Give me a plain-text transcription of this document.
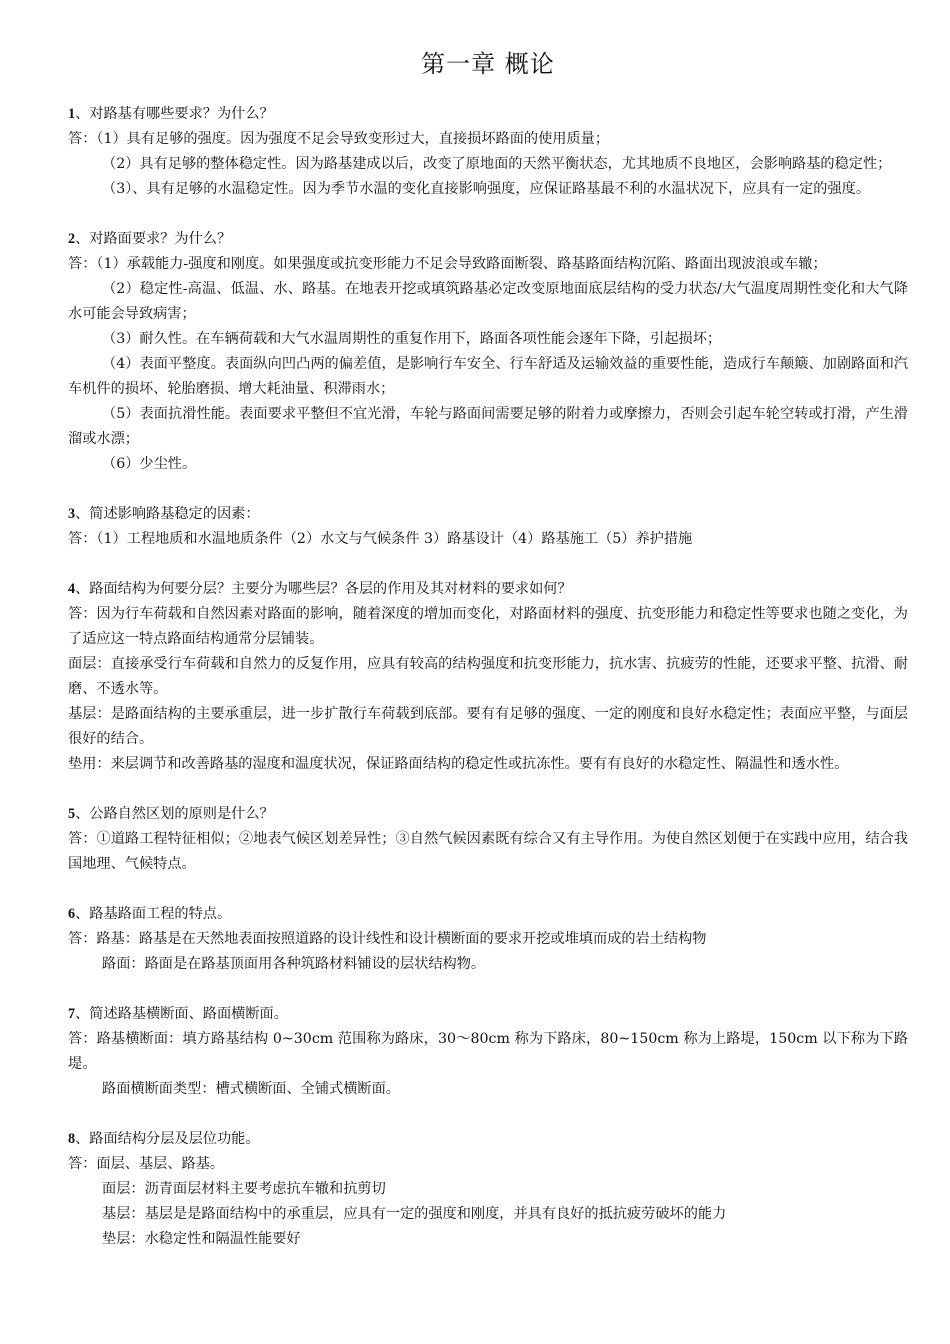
第一章 概论

1、对路基有哪些要求？为什么？

答：（1）具有足够的强度。因为强度不足会导致变形过大，直接损坏路面的使用质量；

（2）具有足够的整体稳定性。因为路基建成以后，改变了原地面的天然平衡状态，尤其地质不良地区，会影响路基的稳定性；

（3）、具有足够的水温稳定性。因为季节水温的变化直接影响强度，应保证路基最不利的水温状况下，应具有一定的强度。

2、对路面要求？为什么？

答：（1）承载能力-强度和刚度。如果强度或抗变形能力不足会导致路面断裂、路基路面结构沉陷、路面出现波浪或车辙；

（2）稳定性-高温、低温、水、路基。在地表开挖或填筑路基必定改变原地面底层结构的受力状态/大气温度周期性变化和大气降水可能会导致病害；

（3）耐久性。在车辆荷载和大气水温周期性的重复作用下，路面各项性能会逐年下降，引起损坏；

（4）表面平整度。表面纵向凹凸两的偏差值，是影响行车安全、行车舒适及运输效益的重要性能，造成行车颠簸、加剧路面和汽车机件的损坏、轮胎磨损、增大耗油量、积滞雨水；

（5）表面抗滑性能。表面要求平整但不宜光滑，车轮与路面间需要足够的附着力或摩擦力，否则会引起车轮空转或打滑，产生滑溜或水漂；

（6）少尘性。

3、简述影响路基稳定的因素：

答：（1）工程地质和水温地质条件（2）水文与气候条件 3）路基设计（4）路基施工（5）养护措施

4、路面结构为何要分层？主要分为哪些层？各层的作用及其对材料的要求如何？

答：因为行车荷载和自然因素对路面的影响，随着深度的增加而变化，对路面材料的强度、抗变形能力和稳定性等要求也随之变化，为了适应这一特点路面结构通常分层铺装。

面层：直接承受行车荷载和自然力的反复作用，应具有较高的结构强度和抗变形能力，抗水害、抗疲劳的性能，还要求平整、抗滑、耐磨、不透水等。

基层：是路面结构的主要承重层，进一步扩散行车荷载到底部。要有有足够的强度、一定的刚度和良好水稳定性；表面应平整，与面层很好的结合。

垫用：来层调节和改善路基的湿度和温度状况，保证路面结构的稳定性或抗冻性。要有有良好的水稳定性、隔温性和透水性。

5、公路自然区划的原则是什么？

答：①道路工程特征相似；②地表气候区划差异性；③自然气候因素既有综合又有主导作用。为使自然区划便于在实践中应用，结合我国地理、气候特点。

6、路基路面工程的特点。

答：路基：路基是在天然地表面按照道路的设计线性和设计横断面的要求开挖或堆填而成的岩土结构物

路面：路面是在路基顶面用各种筑路材料铺设的层状结构物。

7、简述路基横断面、路面横断面。

答：路基横断面：填方路基结构 0~30cm 范围称为路床，30～80cm 称为下路床，80~150cm 称为上路堤，150cm 以下称为下路堤。

路面横断面类型：槽式横断面、全铺式横断面。

8、路面结构分层及层位功能。

答：面层、基层、路基。

面层：沥青面层材料主要考虑抗车辙和抗剪切

基层：基层是是路面结构中的承重层，应具有一定的强度和刚度，并具有良好的抵抗疲劳破坏的能力

垫层：水稳定性和隔温性能要好
